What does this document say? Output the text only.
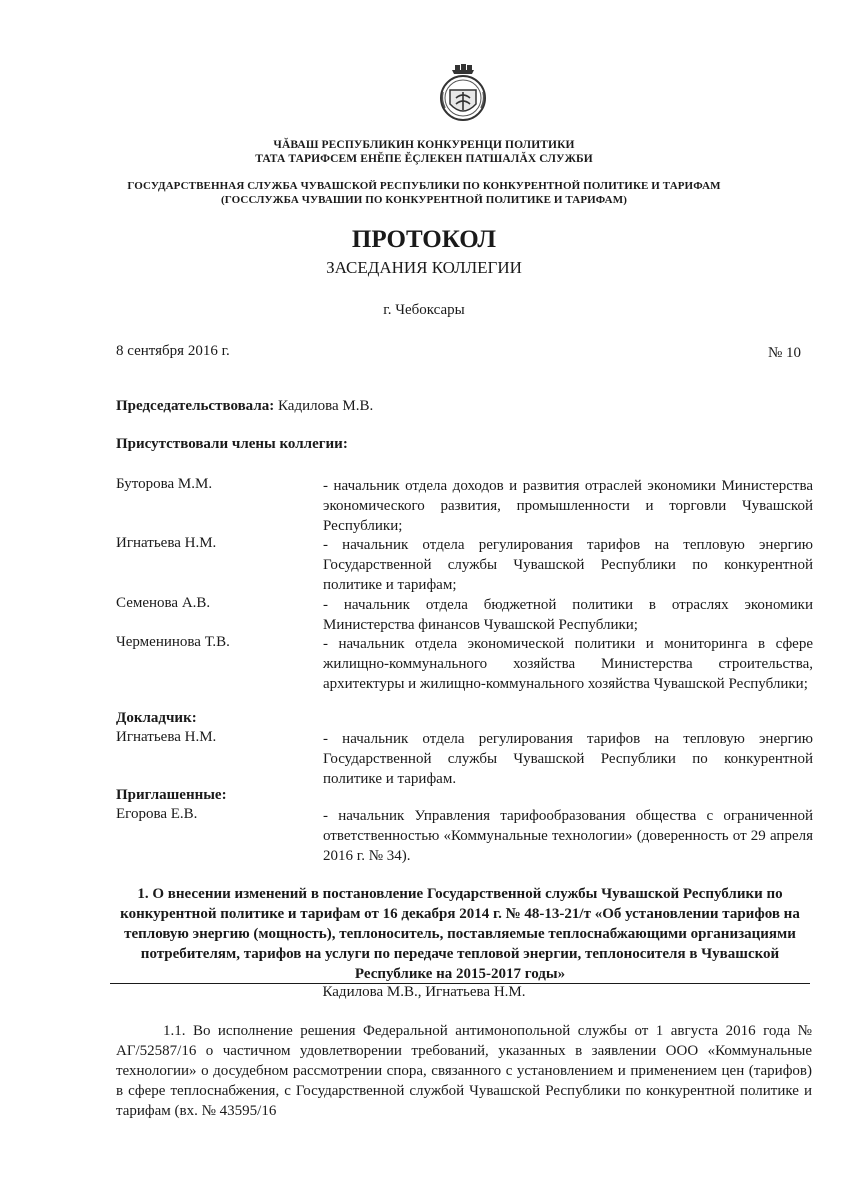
ЧĂВАШ РЕСПУБЛИКИН КОНКУРЕНЦИ ПОЛИТИКИ
ТАТА ТАРИФСЕМ ЕНĔПЕ ĔÇЛЕКЕН ПАТШАЛĂХ СЛУЖБИ
ГОСУДАРСТВЕННАЯ СЛУЖБА ЧУВАШСКОЙ РЕСПУБЛИКИ ПО КОНКУРЕНТНОЙ ПОЛИТИКЕ И ТАРИФАМ
(ГОССЛУЖБА ЧУВАШИИ ПО КОНКУРЕНТНОЙ ПОЛИТИКЕ И ТАРИФАМ)
ПРОТОКОЛ
ЗАСЕДАНИЯ КОЛЛЕГИИ
г. Чебоксары
8 сентября 2016 г.	№ 10
Председательствовала: Кадилова М.В.
Присутствовали члены коллегии:
Буторова М.М.	- начальник отдела доходов и развития отраслей экономики Министерства экономического развития, промышленности и торговли Чувашской Республики;
Игнатьева Н.М.	- начальник отдела регулирования тарифов на тепловую энергию Государственной службы Чувашской Республики по конкурентной политике и тарифам;
Семенова А.В.	- начальник отдела бюджетной политики в отраслях экономики Министерства финансов Чувашской Республики;
Черменинова Т.В.	- начальник отдела экономической политики и мониторинга в сфере жилищно-коммунального хозяйства Министерства строительства, архитектуры и жилищно-коммунального хозяйства Чувашской Республики;
Докладчик:
Игнатьева Н.М.	- начальник отдела регулирования тарифов на тепловую энергию Государственной службы Чувашской Республики по конкурентной политике и тарифам.
Приглашенные:
Егорова Е.В.	- начальник Управления тарифообразования общества с ограниченной ответственностью «Коммунальные технологии» (доверенность от 29 апреля 2016 г. № 34).
1. О внесении изменений в постановление Государственной службы Чувашской Республики по конкурентной политике и тарифам от 16 декабря 2014 г. № 48-13-21/т «Об установлении тарифов на тепловую энергию (мощность), теплоноситель, поставляемые теплоснабжающими организациями потребителям, тарифов на услуги по передаче тепловой энергии, теплоносителя в Чувашской Республике на 2015-2017 годы»
Кадилова М.В., Игнатьева Н.М.
1.1. Во исполнение решения Федеральной антимонопольной службы от 1 августа 2016 года № АГ/52587/16 о частичном удовлетворении требований, указанных в заявлении ООО «Коммунальные технологии» о досудебном рассмотрении спора, связанного с установлением и применением цен (тарифов) в сфере теплоснабжения, с Государственной службой Чувашской Республики по конкурентной политике и тарифам (вх. № 43595/16
